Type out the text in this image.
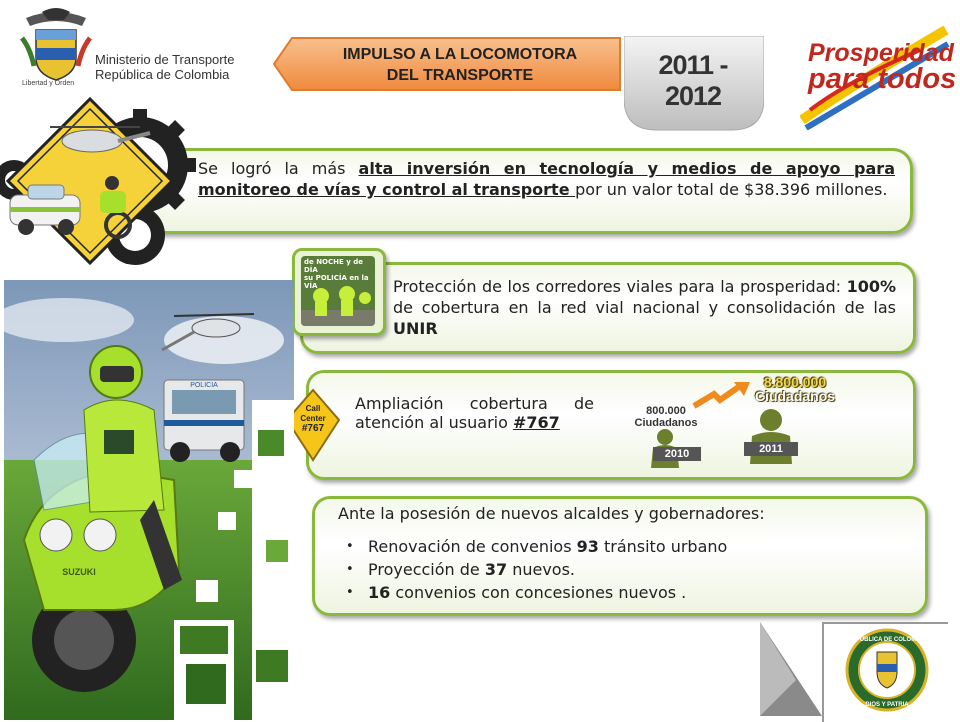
Ministerio de Transporte
República de Colombia
Libertad y Orden
IMPULSO A LA LOCOMOTORA
DEL TRANSPORTE	2011 - 2012
Prosperidad
para todos
Se logró la más alta inversión en tecnología y medios de apoyo para monitoreo de vías y control al transporte por un valor total de $38.396 millones.
de NOCHE y de DÍA
su POLICÍA en la
VÍA	Protección de los corredores viales para la prosperidad: 100% de cobertura en la red vial nacional y consolidación de las UNIR
Call
Center
#767
Ampliación cobertura de atención al usuario #767
800.000
Ciudadanos
2010
8.800.000
Ciudadanos
2011
Ante la posesión de nuevos alcaldes y gobernadores:
• Renovación de convenios 93 tránsito urbano
• Proyección de 37 nuevos.
• 16 convenios con concesiones nuevos .
POLICIA
SUZUKI
REPUBLICA DE COLOMBIA
DIOS Y PATRIA
